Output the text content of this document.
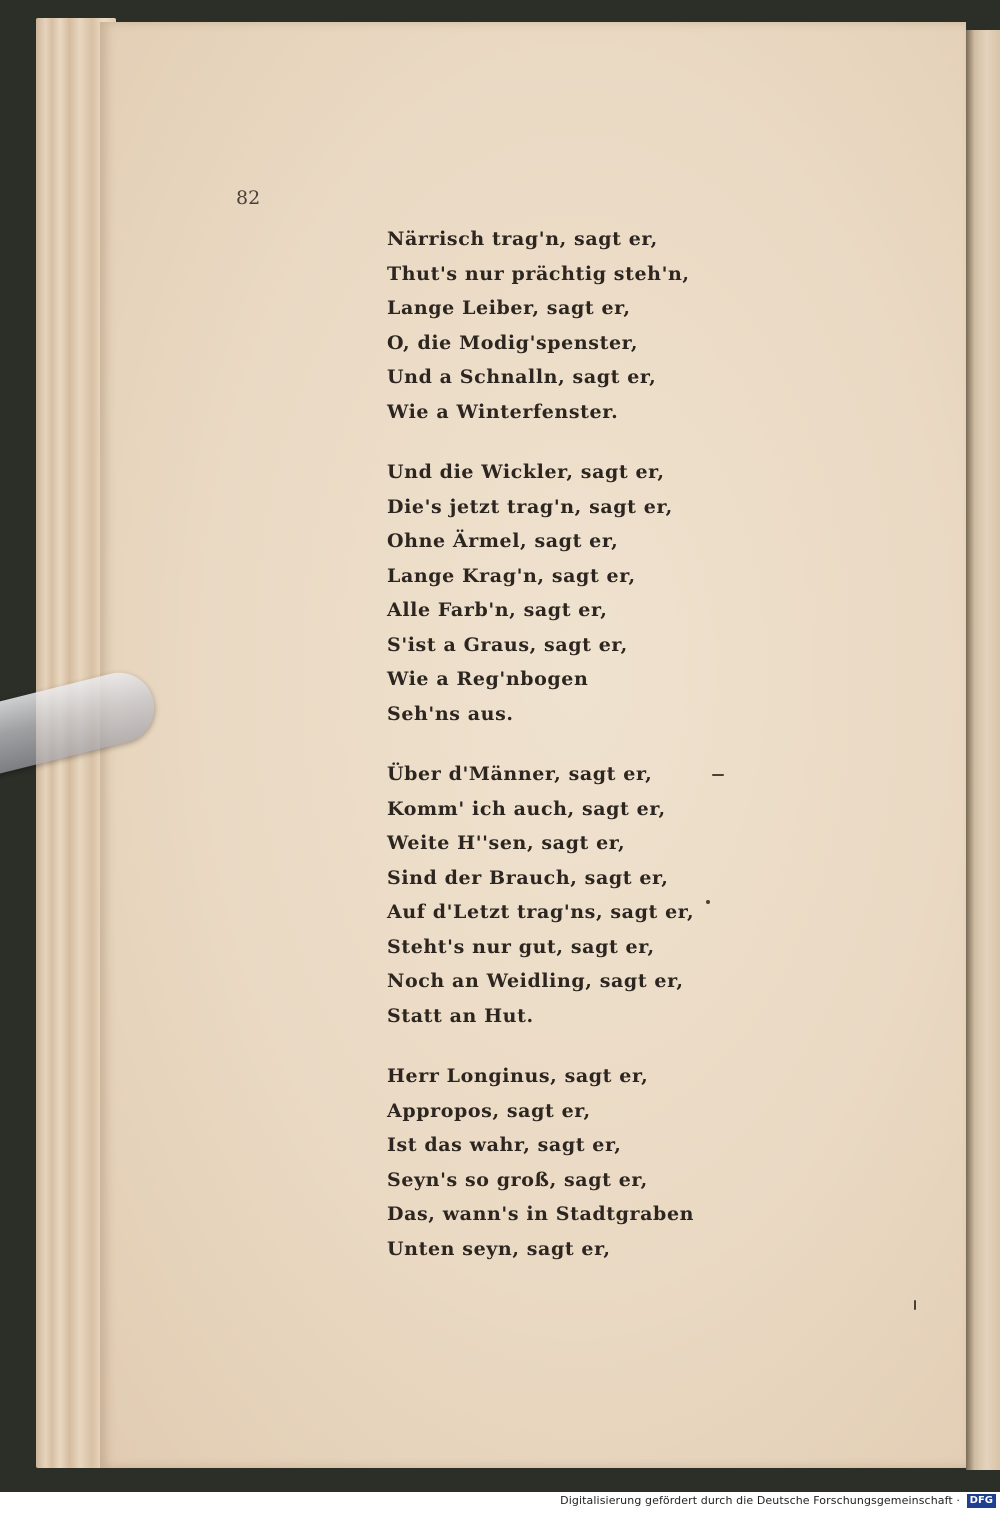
82
Närrisch trag'n, sagt er,
Thut's nur prächtig steh'n,
Lange Leiber, sagt er,
O, die Modig'spenster,
Und a Schnalln, sagt er,
Wie a Winterfenster.
Und die Wickler, sagt er,
Die's jetzt trag'n, sagt er,
Ohne Ärmel, sagt er,
Lange Krag'n, sagt er,
Alle Farb'n, sagt er,
S'ist a Graus, sagt er,
Wie a Reg'nbogen
Seh'ns aus.
Über d'Männer, sagt er,
Komm' ich auch, sagt er,
Weite H''sen, sagt er,
Sind der Brauch, sagt er,
Auf d'Letzt trag'ns, sagt er,
Steht's nur gut, sagt er,
Noch an Weidling, sagt er,
Statt an Hut.
Herr Longinus, sagt er,
Appropos, sagt er,
Ist das wahr, sagt er,
Seyn's so groß, sagt er,
Das, wann's in Stadtgraben
Unten seyn, sagt er,
Digitalisierung gefördert durch die Deutsche Forschungsgemeinschaft · DFG
